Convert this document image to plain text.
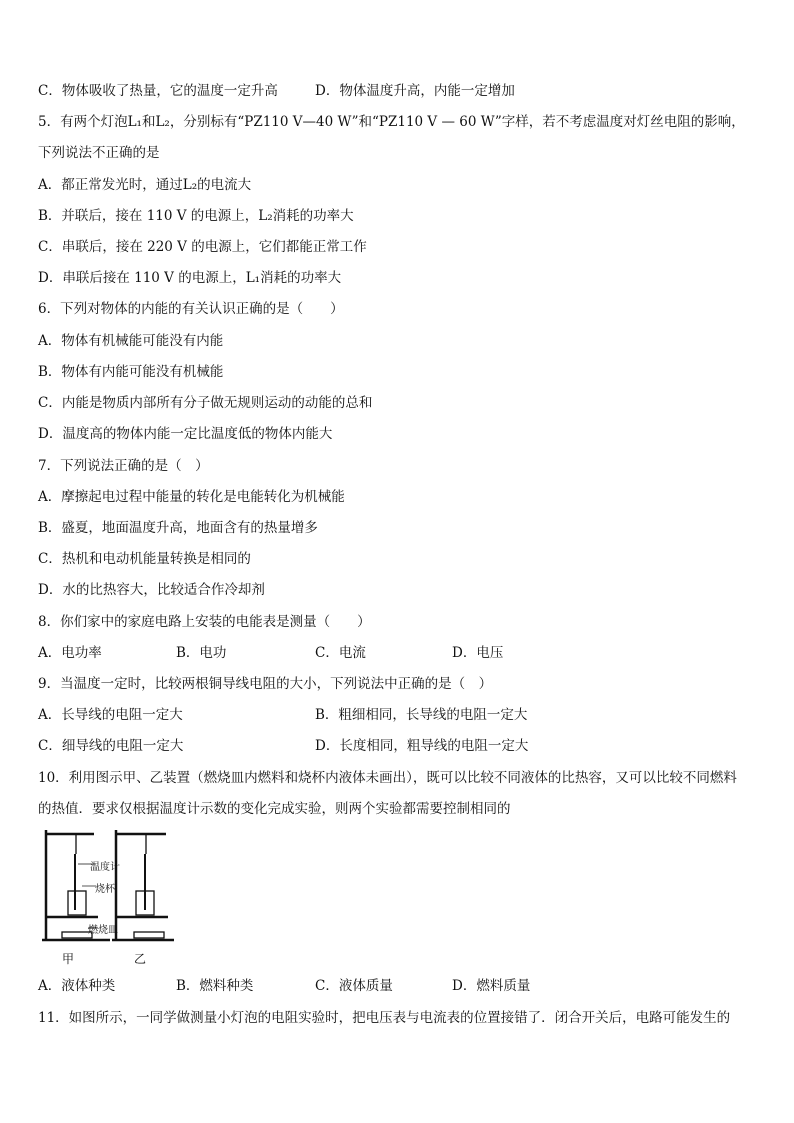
C．物体吸收了热量，它的温度一定升高	D．物体温度升高，内能一定增加
5．有两个灯泡L₁和L₂，分别标有“PZ110 V—40 W”和“PZ110 V — 60 W”字样，若不考虑温度对灯丝电阻的影响，
下列说法不正确的是
A．都正常发光时，通过L₂的电流大
B．并联后，接在 110 V 的电源上，L₂消耗的功率大
C．串联后，接在 220 V 的电源上，它们都能正常工作
D．串联后接在 110 V 的电源上，L₁消耗的功率大
6．下列对物体的内能的有关认识正确的是（　　）
A．物体有机械能可能没有内能
B．物体有内能可能没有机械能
C．内能是物质内部所有分子做无规则运动的动能的总和
D．温度高的物体内能一定比温度低的物体内能大
7．下列说法正确的是（　）
A．摩擦起电过程中能量的转化是电能转化为机械能
B．盛夏，地面温度升高，地面含有的热量增多
C．热机和电动机能量转换是相同的
D．水的比热容大，比较适合作冷却剂
8．你们家中的家庭电路上安装的电能表是测量（　　）
A．电功率	B．电功	C．电流	D．电压
9．当温度一定时，比较两根铜导线电阻的大小，下列说法中正确的是（　）
A．长导线的电阻一定大	B．粗细相同，长导线的电阻一定大
C．细导线的电阻一定大	D．长度相同，粗导线的电阻一定大
10．利用图示甲、乙装置（燃烧皿内燃料和烧杯内液体未画出），既可以比较不同液体的比热容，又可以比较不同燃料
的热值．要求仅根据温度计示数的变化完成实验，则两个实验都需要控制相同的
温度计
烧杯
燃烧皿
甲	乙
A．液体种类	B．燃料种类	C．液体质量	D．燃料质量
11．如图所示，一同学做测量小灯泡的电阻实验时，把电压表与电流表的位置接错了．闭合开关后，电路可能发生的
